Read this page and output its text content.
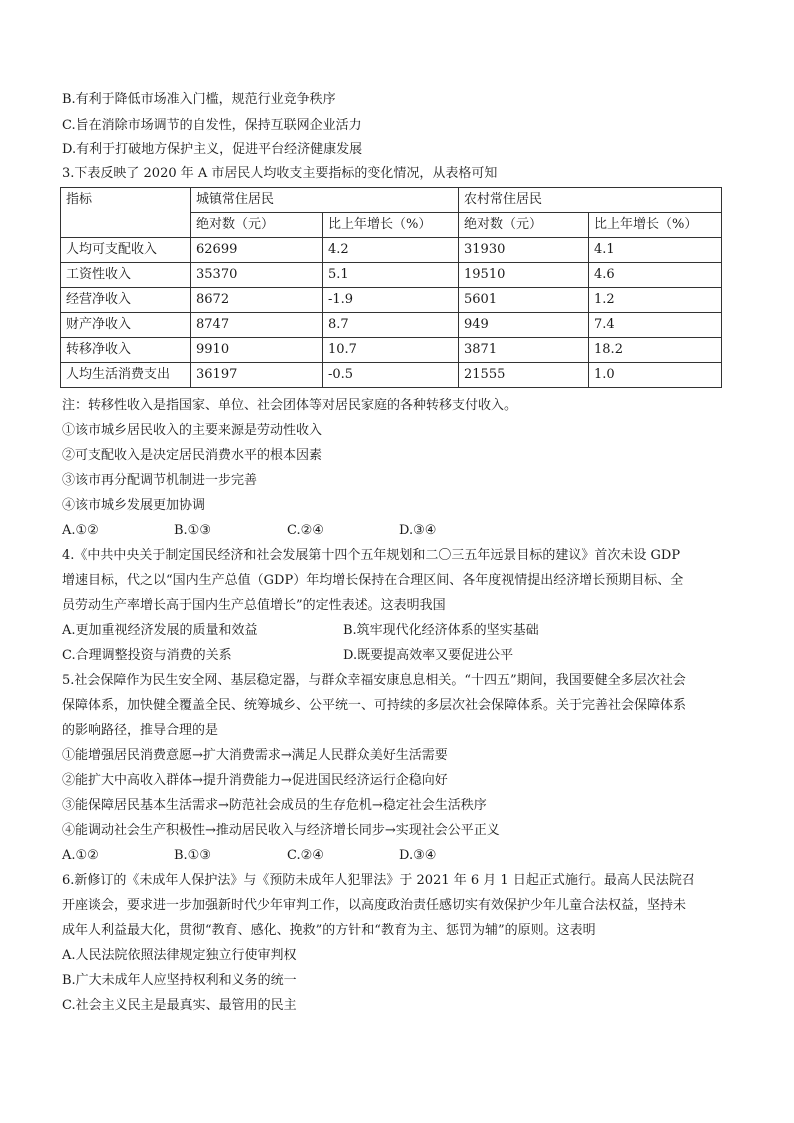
B.有利于降低市场准入门槛，规范行业竞争秩序
C.旨在消除市场调节的自发性，保持互联网企业活力
D.有利于打破地方保护主义，促进平台经济健康发展
3.下表反映了 2020 年 A 市居民人均收支主要指标的变化情况，从表格可知
指标	城镇常住居民		农村常住居民	
	绝对数（元）	比上年增长（%）	绝对数（元）	比上年增长（%）
人均可支配收入	62699	4.2	31930	4.1
工资性收入	35370	5.1	19510	4.6
经营净收入	8672	-1.9	5601	1.2
财产净收入	8747	8.7	949	7.4
转移净收入	9910	10.7	3871	18.2
人均生活消费支出	36197	-0.5	21555	1.0
注：转移性收入是指国家、单位、社会团体等对居民家庭的各种转移支付收入。
①该市城乡居民收入的主要来源是劳动性收入
②可支配收入是决定居民消费水平的根本因素
③该市再分配调节机制进一步完善
④该市城乡发展更加协调
A.①②	B.①③	C.②④	D.③④
4.《中共中央关于制定国民经济和社会发展第十四个五年规划和二〇三五年远景目标的建议》首次未设 GDP
增速目标，代之以“国内生产总值（GDP）年均增长保持在合理区间、各年度视情提出经济增长预期目标、全
员劳动生产率增长高于国内生产总值增长”的定性表述。这表明我国
A.更加重视经济发展的质量和效益	B.筑牢现代化经济体系的坚实基础
C.合理调整投资与消费的关系	D.既要提高效率又要促进公平
5.社会保障作为民生安全网、基层稳定器，与群众幸福安康息息相关。“十四五”期间，我国要健全多层次社会
保障体系，加快健全覆盖全民、统筹城乡、公平统一、可持续的多层次社会保障体系。关于完善社会保障体系
的影响路径，推导合理的是
①能增强居民消费意愿→扩大消费需求→满足人民群众美好生活需要
②能扩大中高收入群体→提升消费能力→促进国民经济运行企稳向好
③能保障居民基本生活需求→防范社会成员的生存危机→稳定社会生活秩序
④能调动社会生产积极性→推动居民收入与经济增长同步→实现社会公平正义
A.①②	B.①③	C.②④	D.③④
6.新修订的《未成年人保护法》与《预防未成年人犯罪法》于 2021 年 6 月 1 日起正式施行。最高人民法院召
开座谈会，要求进一步加强新时代少年审判工作，以高度政治责任感切实有效保护少年儿童合法权益，坚持未
成年人利益最大化，贯彻“教育、感化、挽救”的方针和“教育为主、惩罚为辅”的原则。这表明
A.人民法院依照法律规定独立行使审判权
B.广大未成年人应坚持权利和义务的统一
C.社会主义民主是最真实、最管用的民主
